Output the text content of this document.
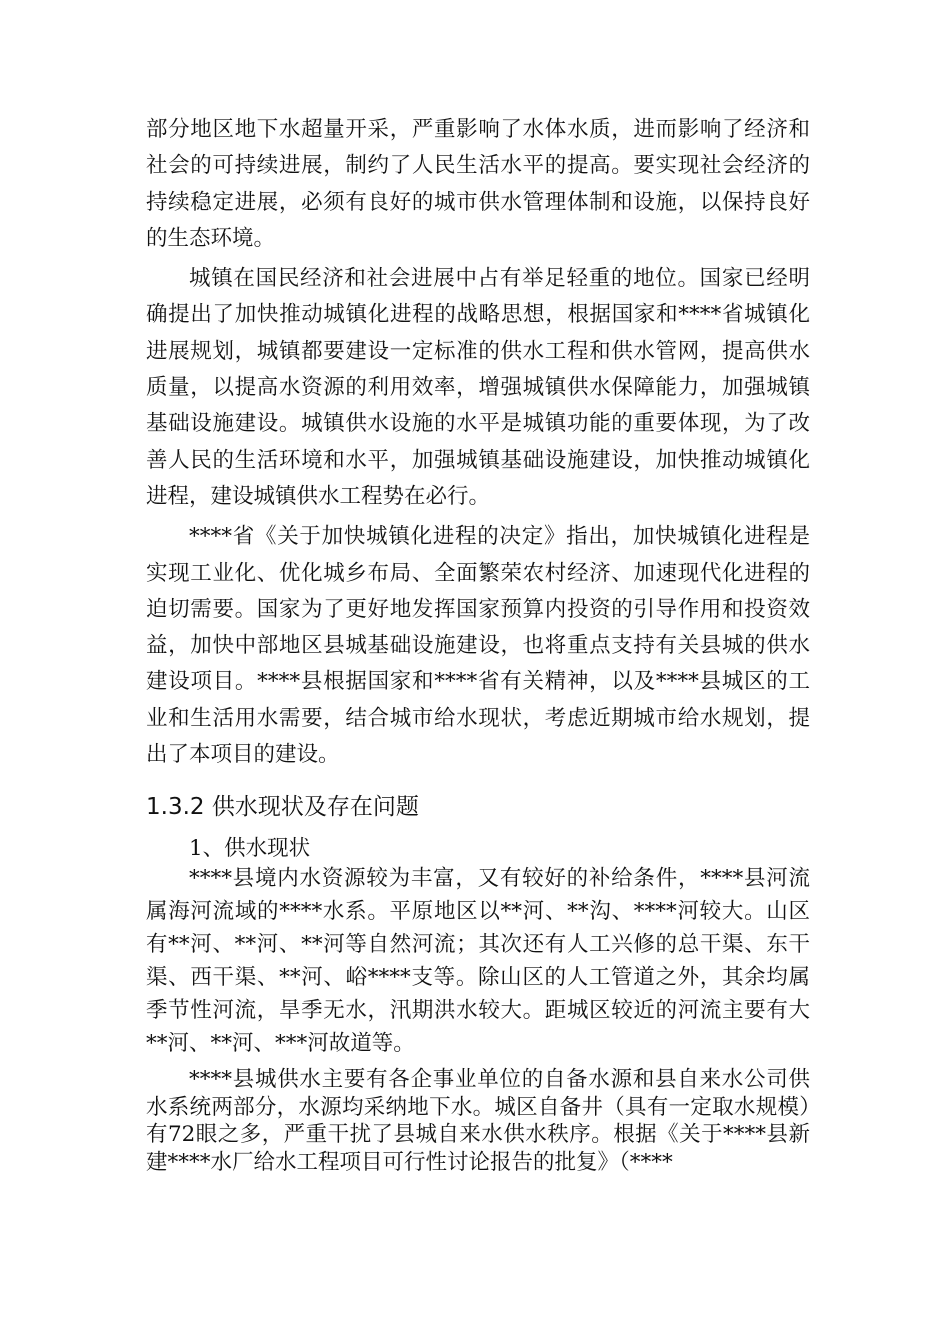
部分地区地下水超量开采，严重影响了水体水质，进而影响了经济和社会的可持续进展，制约了人民生活水平的提高。要实现社会经济的持续稳定进展，必须有良好的城市供水管理体制和设施，以保持良好的生态环境。

城镇在国民经济和社会进展中占有举足轻重的地位。国家已经明确提出了加快推动城镇化进程的战略思想，根据国家和****省城镇化进展规划，城镇都要建设一定标准的供水工程和供水管网，提高供水质量，以提高水资源的利用效率，增强城镇供水保障能力，加强城镇基础设施建设。城镇供水设施的水平是城镇功能的重要体现，为了改善人民的生活环境和水平，加强城镇基础设施建设，加快推动城镇化进程，建设城镇供水工程势在必行。

****省《关于加快城镇化进程的决定》指出，加快城镇化进程是实现工业化、优化城乡布局、全面繁荣农村经济、加速现代化进程的迫切需要。国家为了更好地发挥国家预算内投资的引导作用和投资效益，加快中部地区县城基础设施建设，也将重点支持有关县城的供水建设项目。****县根据国家和****省有关精神，以及****县城区的工业和生活用水需要，结合城市给水现状，考虑近期城市给水规划，提出了本项目的建设。

1.3.2 供水现状及存在问题

1、供水现状

****县境内水资源较为丰富，又有较好的补给条件，****县河流属海河流域的****水系。平原地区以**河、**沟、****河较大。山区有**河、**河、**河等自然河流；其次还有人工兴修的总干渠、东干渠、西干渠、**河、峪****支等。除山区的人工管道之外，其余均属季节性河流，旱季无水，汛期洪水较大。距城区较近的河流主要有大**河、**河、***河故道等。

****县城供水主要有各企事业单位的自备水源和县自来水公司供水系统两部分，水源均采纳地下水。城区自备井（具有一定取水规模）有72眼之多，严重干扰了县城自来水供水秩序。根据《关于****县新建****水厂给水工程项目可行性讨论报告的批复》（****
